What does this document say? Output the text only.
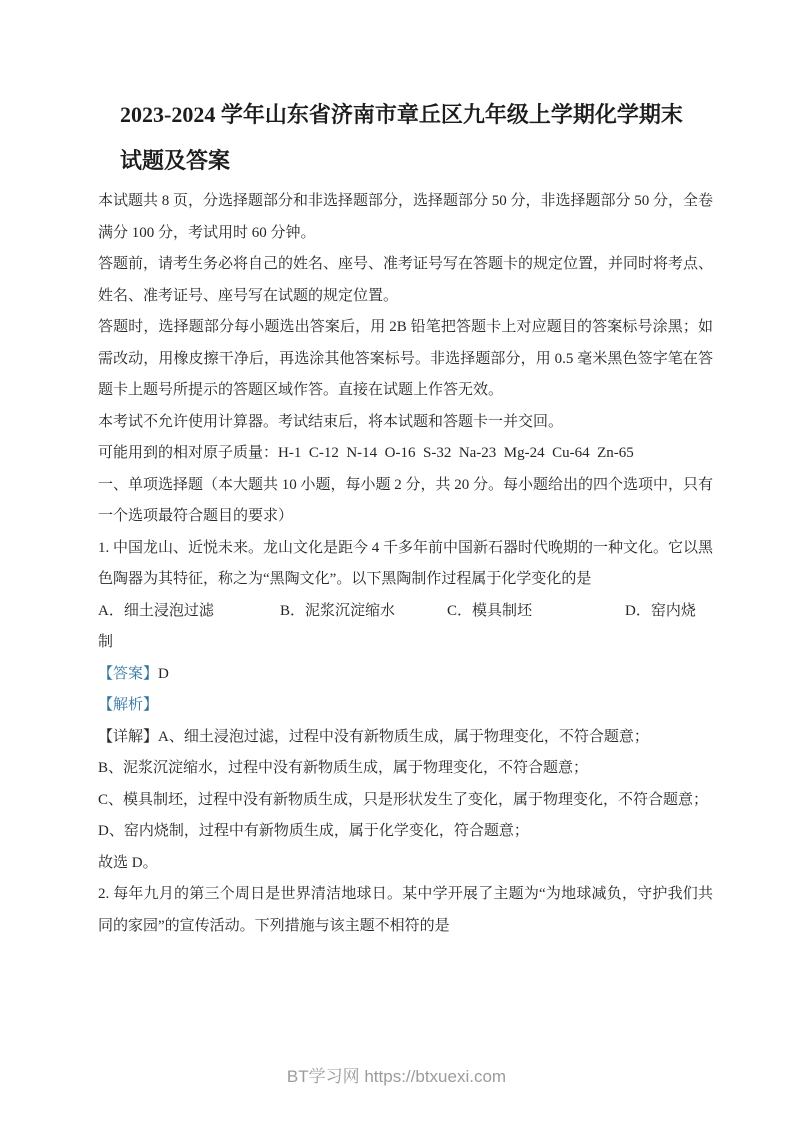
2023-2024 学年山东省济南市章丘区九年级上学期化学期末
试题及答案

本试题共 8 页，分选择题部分和非选择题部分，选择题部分 50 分，非选择题部分 50 分，全卷满分 100 分，考试用时 60 分钟。

答题前，请考生务必将自己的姓名、座号、准考证号写在答题卡的规定位置，并同时将考点、姓名、准考证号、座号写在试题的规定位置。

答题时，选择题部分每小题选出答案后，用 2B 铅笔把答题卡上对应题目的答案标号涂黑；如需改动，用橡皮擦干净后，再选涂其他答案标号。非选择题部分，用 0.5 毫米黑色签字笔在答题卡上题号所提示的答题区域作答。直接在试题上作答无效。

本考试不允许使用计算器。考试结束后，将本试题和答题卡一并交回。

可能用到的相对原子质量：H-1  C-12  N-14  O-16  S-32  Na-23  Mg-24  Cu-64  Zn-65

一、单项选择题（本大题共 10 小题，每小题 2 分，共 20 分。每小题给出的四个选项中，只有一个选项最符合题目的要求）

1. 中国龙山、近悦未来。龙山文化是距今 4 千多年前中国新石器时代晚期的一种文化。它以黑色陶器为其特征，称之为“黑陶文化”。以下黑陶制作过程属于化学变化的是

A．细土浸泡过滤	B．泥浆沉淀缩水	C．模具制坯	D．窑内烧

制

【答案】D

【解析】

【详解】A、细土浸泡过滤，过程中没有新物质生成，属于物理变化，不符合题意；

B、泥浆沉淀缩水，过程中没有新物质生成，属于物理变化，不符合题意；

C、模具制坯，过程中没有新物质生成，只是形状发生了变化，属于物理变化，不符合题意；

D、窑内烧制，过程中有新物质生成，属于化学变化，符合题意；

故选 D。

2. 每年九月的第三个周日是世界清洁地球日。某中学开展了主题为“为地球减负，守护我们共同的家园”的宣传活动。下列措施与该主题不相符的是

BT学习网 https://btxuexi.com
